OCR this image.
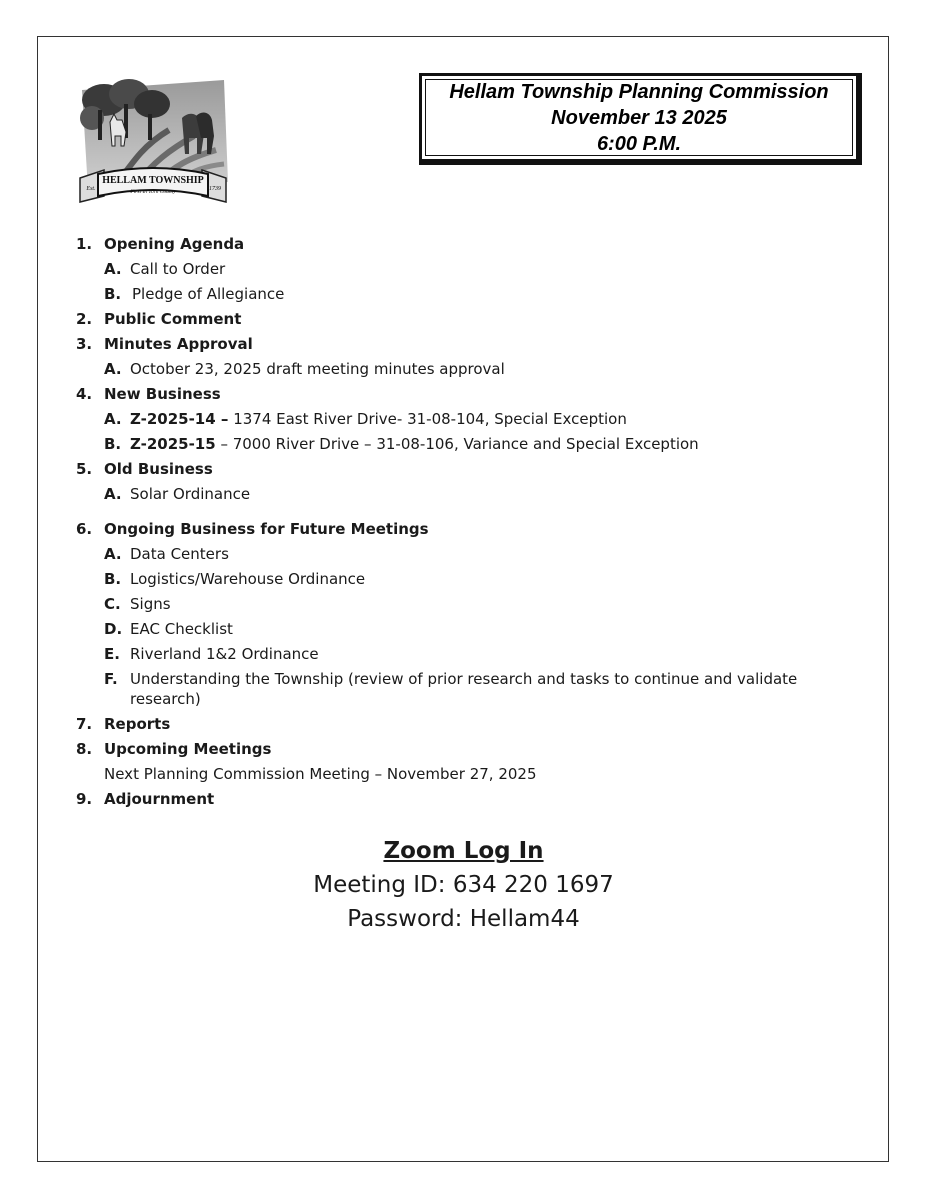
HELLAM TOWNSHIP
First In York County
Est.	1739
Hellam Township Planning Commission
November 13 2025
6:00 P.M.
1. Opening Agenda
A. Call to Order
B. Pledge of Allegiance
2. Public Comment
3. Minutes Approval
A. October 23, 2025 draft meeting minutes approval
4. New Business
A. Z-2025-14 – 1374 East River Drive- 31-08-104, Special Exception
B. Z-2025-15 – 7000 River Drive – 31-08-106, Variance and Special Exception
5. Old Business
A. Solar Ordinance
6. Ongoing Business for Future Meetings
A. Data Centers
B. Logistics/Warehouse Ordinance
C. Signs
D. EAC Checklist
E. Riverland 1&2 Ordinance
F. Understanding the Township (review of prior research and tasks to continue and validate research)
7. Reports
8. Upcoming Meetings
Next Planning Commission Meeting – November 27, 2025
9. Adjournment
Zoom Log In
Meeting ID: 634 220 1697
Password: Hellam44
